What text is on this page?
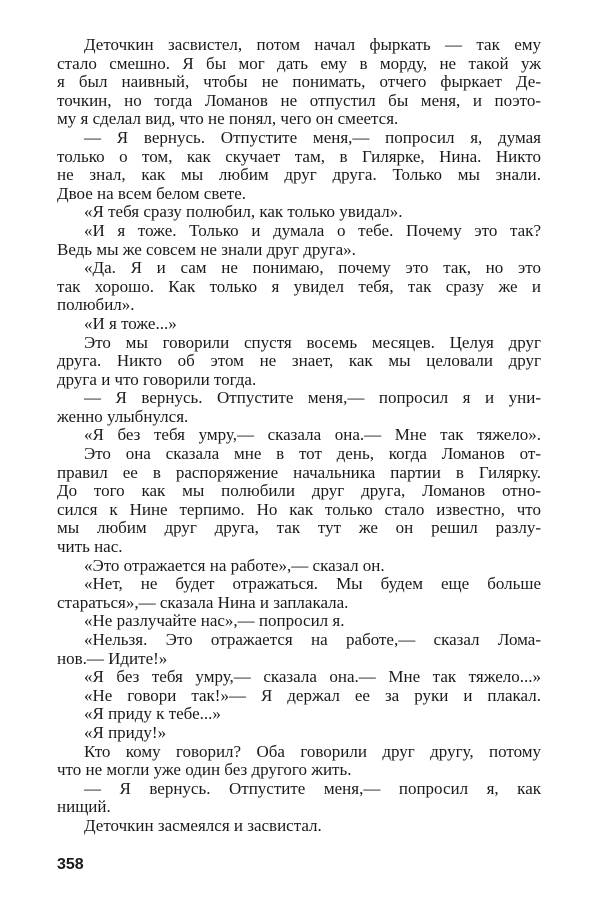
Деточкин засвистел, потом начал фыркать — так ему
стало смешно. Я бы мог дать ему в морду, не такой уж
я был наивный, чтобы не понимать, отчего фыркает Де-
точкин, но тогда Ломанов не отпустил бы меня, и поэто-
му я сделал вид, что не понял, чего он смеется.
— Я вернусь. Отпустите меня,— попросил я, думая
только о том, как скучает там, в Гилярке, Нина. Никто
не знал, как мы любим друг друга. Только мы знали.
Двое на всем белом свете.
«Я тебя сразу полюбил, как только увидал».
«И я тоже. Только и думала о тебе. Почему это так?
Ведь мы же совсем не знали друг друга».
«Да. Я и сам не понимаю, почему это так, но это
так хорошо. Как только я увидел тебя, так сразу же и
полюбил».
«И я тоже...»
Это мы говорили спустя восемь месяцев. Целуя друг
друга. Никто об этом не знает, как мы целовали друг
друга и что говорили тогда.
— Я вернусь. Отпустите меня,— попросил я и уни-
женно улыбнулся.
«Я без тебя умру,— сказала она.— Мне так тяжело».
Это она сказала мне в тот день, когда Ломанов от-
правил ее в распоряжение начальника партии в Гилярку.
До того как мы полюбили друг друга, Ломанов отно-
сился к Нине терпимо. Но как только стало известно, что
мы любим друг друга, так тут же он решил разлу-
чить нас.
«Это отражается на работе»,— сказал он.
«Нет, не будет отражаться. Мы будем еще больше
стараться»,— сказала Нина и заплакала.
«Не разлучайте нас»,— попросил я.
«Нельзя. Это отражается на работе,— сказал Лома-
нов.— Идите!»
«Я без тебя умру,— сказала она.— Мне так тяжело...»
«Не говори так!»— Я держал ее за руки и плакал.
«Я приду к тебе...»
«Я приду!»
Кто кому говорил? Оба говорили друг другу, потому
что не могли уже один без другого жить.
— Я вернусь. Отпустите меня,— попросил я, как
нищий.
Деточкин засмеялся и засвистал.
358
